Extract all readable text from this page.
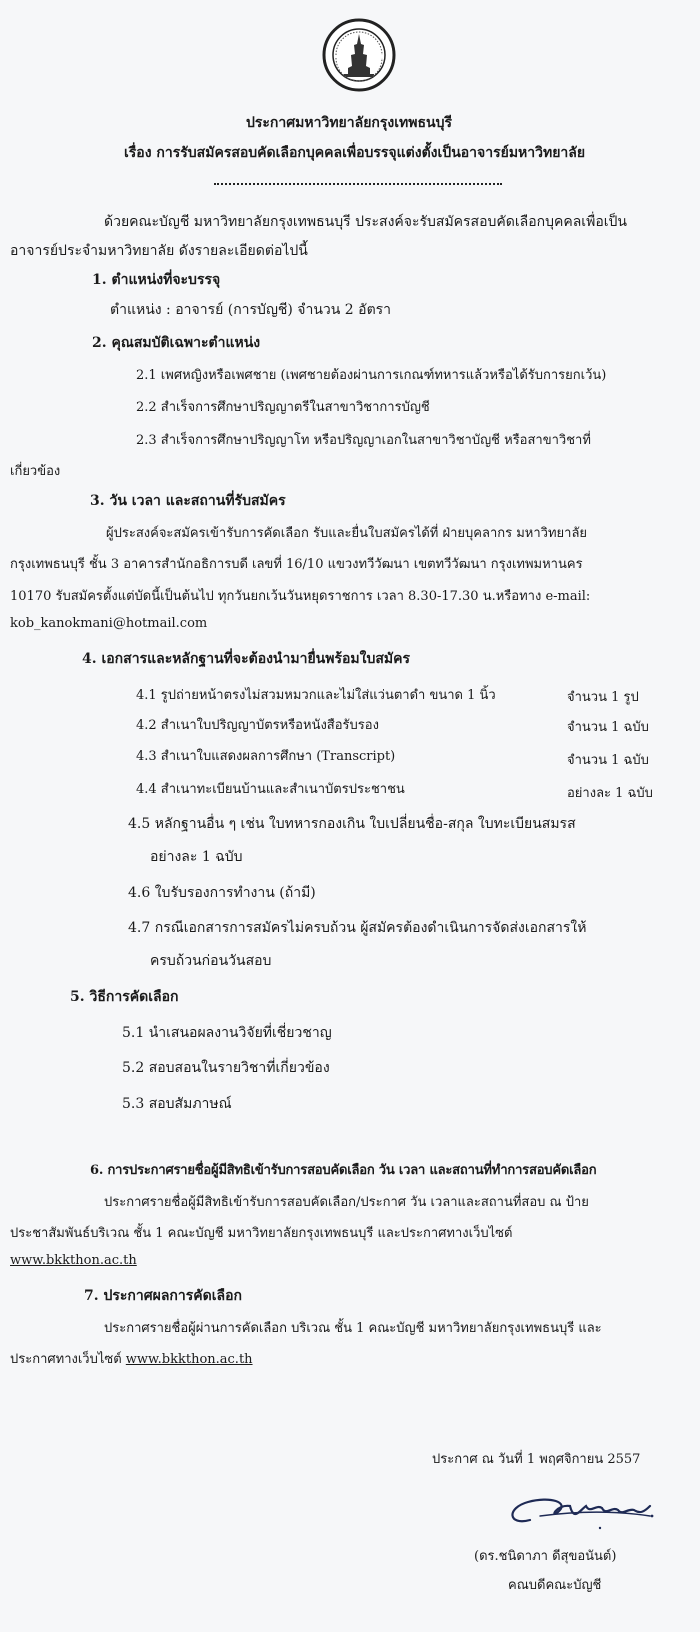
ประกาศมหาวิทยาลัยกรุงเทพธนบุรี
เรื่อง การรับสมัครสอบคัดเลือกบุคคลเพื่อบรรจุแต่งตั้งเป็นอาจารย์มหาวิทยาลัย
ด้วยคณะบัญชี มหาวิทยาลัยกรุงเทพธนบุรี ประสงค์จะรับสมัครสอบคัดเลือกบุคคลเพื่อเป็น
อาจารย์ประจำมหาวิทยาลัย ดังรายละเอียดต่อไปนี้
1. ตำแหน่งที่จะบรรจุ
ตำแหน่ง : อาจารย์ (การบัญชี) จำนวน 2 อัตรา
2. คุณสมบัติเฉพาะตำแหน่ง
2.1 เพศหญิงหรือเพศชาย (เพศชายต้องผ่านการเกณฑ์ทหารแล้วหรือได้รับการยกเว้น)
2.2 สำเร็จการศึกษาปริญญาตรีในสาขาวิชาการบัญชี
2.3 สำเร็จการศึกษาปริญญาโท หรือปริญญาเอกในสาขาวิชาบัญชี หรือสาขาวิชาที่
เกี่ยวข้อง
3. วัน เวลา และสถานที่รับสมัคร
ผู้ประสงค์จะสมัครเข้ารับการคัดเลือก รับและยื่นใบสมัครได้ที่ ฝ่ายบุคลากร มหาวิทยาลัย
กรุงเทพธนบุรี ชั้น 3 อาคารสำนักอธิการบดี เลขที่ 16/10 แขวงทวีวัฒนา เขตทวีวัฒนา กรุงเทพมหานคร
10170 รับสมัครตั้งแต่บัดนี้เป็นต้นไป ทุกวันยกเว้นวันหยุดราชการ เวลา 8.30-17.30 น.หรือทาง e-mail:
kob_kanokmani@hotmail.com
4. เอกสารและหลักฐานที่จะต้องนำมายื่นพร้อมใบสมัคร
4.1 รูปถ่ายหน้าตรงไม่สวมหมวกและไม่ใส่แว่นตาดำ ขนาด 1 นิ้ว	จำนวน 1 รูป
4.2 สำเนาใบปริญญาบัตรหรือหนังสือรับรอง	จำนวน 1 ฉบับ
4.3 สำเนาใบแสดงผลการศึกษา (Transcript)	จำนวน 1 ฉบับ
4.4 สำเนาทะเบียนบ้านและสำเนาบัตรประชาชน	อย่างละ 1 ฉบับ
4.5 หลักฐานอื่น ๆ เช่น ใบทหารกองเกิน ใบเปลี่ยนชื่อ-สกุล ใบทะเบียนสมรส
อย่างละ 1 ฉบับ
4.6 ใบรับรองการทำงาน (ถ้ามี)
4.7 กรณีเอกสารการสมัครไม่ครบถ้วน ผู้สมัครต้องดำเนินการจัดส่งเอกสารให้
ครบถ้วนก่อนวันสอบ
5. วิธีการคัดเลือก
5.1 นำเสนอผลงานวิจัยที่เชี่ยวชาญ
5.2 สอบสอนในรายวิชาที่เกี่ยวข้อง
5.3 สอบสัมภาษณ์
6. การประกาศรายชื่อผู้มีสิทธิเข้ารับการสอบคัดเลือก วัน เวลา และสถานที่ทำการสอบคัดเลือก
ประกาศรายชื่อผู้มีสิทธิเข้ารับการสอบคัดเลือก/ประกาศ วัน เวลาและสถานที่สอบ ณ ป้าย
ประชาสัมพันธ์บริเวณ ชั้น 1 คณะบัญชี มหาวิทยาลัยกรุงเทพธนบุรี และประกาศทางเว็บไซต์
www.bkkthon.ac.th
7. ประกาศผลการคัดเลือก
ประกาศรายชื่อผู้ผ่านการคัดเลือก บริเวณ ชั้น 1 คณะบัญชี มหาวิทยาลัยกรุงเทพธนบุรี และ
ประกาศทางเว็บไซต์ www.bkkthon.ac.th
ประกาศ ณ วันที่ 1 พฤศจิกายน 2557
(ดร.ชนิดาภา ดีสุขอนันต์)
คณบดีคณะบัญชี
